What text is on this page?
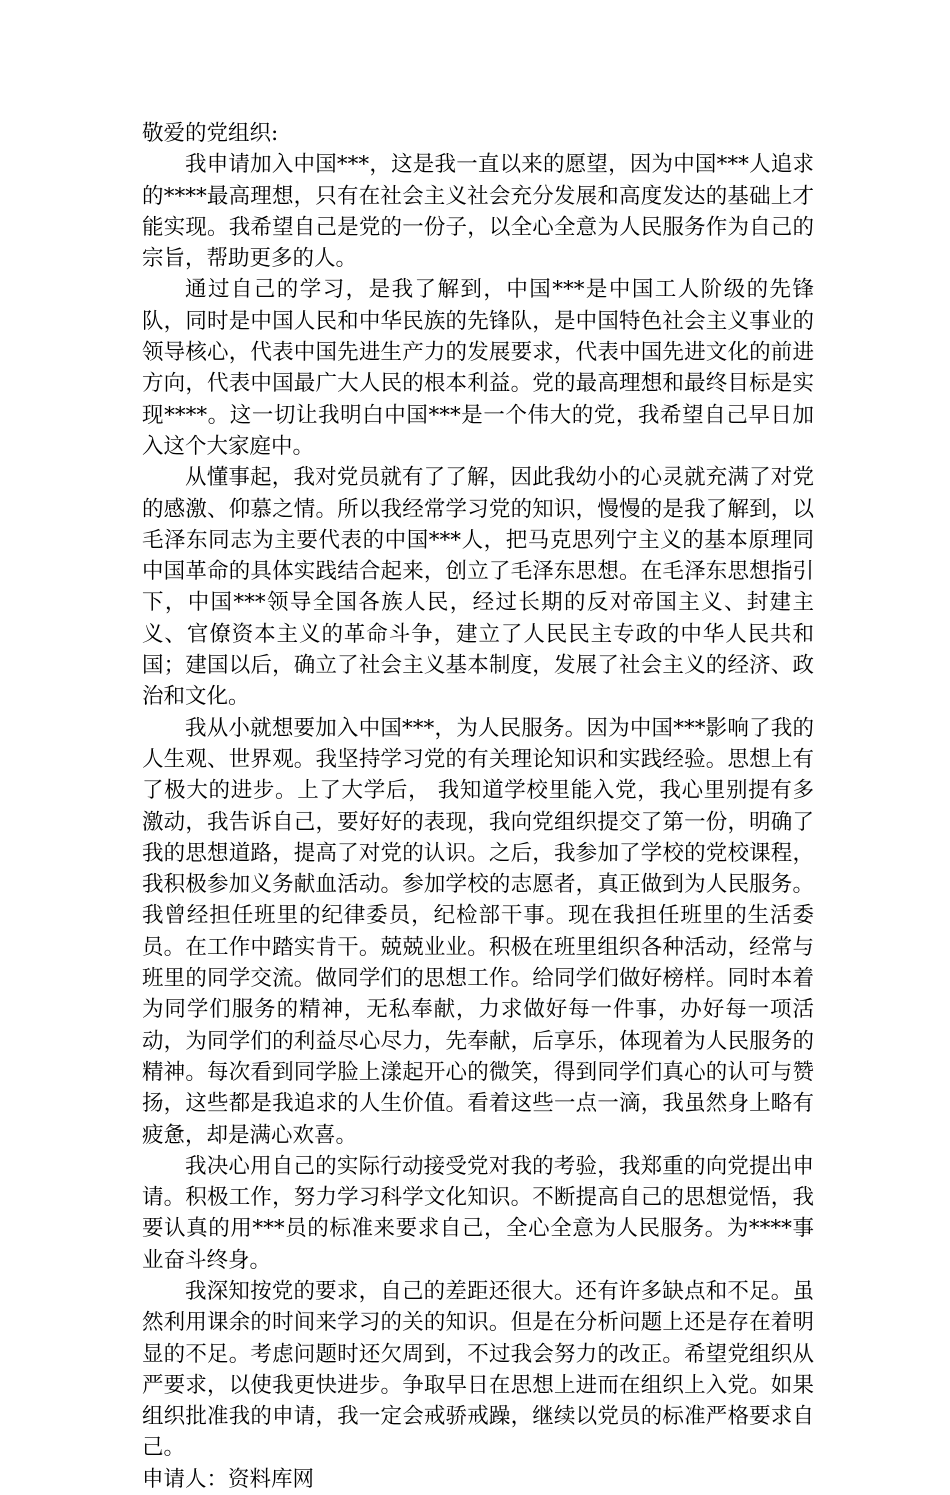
敬爱的党组织:

我申请加入中国***，这是我一直以来的愿望，因为中国***人追求的****最高理想，只有在社会主义社会充分发展和高度发达的基础上才能实现。我希望自己是党的一份子，以全心全意为人民服务作为自己的宗旨，帮助更多的人。

通过自己的学习，是我了解到，中国***是中国工人阶级的先锋队，同时是中国人民和中华民族的先锋队，是中国特色社会主义事业的领导核心，代表中国先进生产力的发展要求，代表中国先进文化的前进方向，代表中国最广大人民的根本利益。党的最高理想和最终目标是实现****。这一切让我明白中国***是一个伟大的党，我希望自己早日加入这个大家庭中。

从懂事起，我对党员就有了了解，因此我幼小的心灵就充满了对党的感激、仰慕之情。所以我经常学习党的知识，慢慢的是我了解到，以毛泽东同志为主要代表的中国***人，把马克思列宁主义的基本原理同中国革命的具体实践结合起来，创立了毛泽东思想。在毛泽东思想指引下，中国***领导全国各族人民，经过长期的反对帝国主义、封建主义、官僚资本主义的革命斗争，建立了人民民主专政的中华人民共和国；建国以后，确立了社会主义基本制度，发展了社会主义的经济、政治和文化。

我从小就想要加入中国***，为人民服务。因为中国***影响了我的人生观、世界观。我坚持学习党的有关理论知识和实践经验。思想上有了极大的进步。上了大学后， 我知道学校里能入党，我心里别提有多激动，我告诉自己，要好好的表现，我向党组织提交了第一份，明确了我的思想道路，提高了对党的认识。之后，我参加了学校的党校课程，我积极参加义务献血活动。参加学校的志愿者，真正做到为人民服务。我曾经担任班里的纪律委员，纪检部干事。现在我担任班里的生活委员。在工作中踏实肯干。兢兢业业。积极在班里组织各种活动，经常与班里的同学交流。做同学们的思想工作。给同学们做好榜样。同时本着为同学们服务的精神，无私奉献，力求做好每一件事，办好每一项活动，为同学们的利益尽心尽力，先奉献，后享乐，体现着为人民服务的精神。每次看到同学脸上漾起开心的微笑，得到同学们真心的认可与赞扬，这些都是我追求的人生价值。看着这些一点一滴，我虽然身上略有疲惫，却是满心欢喜。

我决心用自己的实际行动接受党对我的考验，我郑重的向党提出申请。积极工作，努力学习科学文化知识。不断提高自己的思想觉悟，我要认真的用***员的标准来要求自己，全心全意为人民服务。为****事业奋斗终身。

我深知按党的要求，自己的差距还很大。还有许多缺点和不足。虽然利用课余的时间来学习的关的知识。但是在分析问题上还是存在着明显的不足。考虑问题时还欠周到，不过我会努力的改正。希望党组织从严要求，以使我更快进步。争取早日在思想上进而在组织上入党。如果组织批准我的申请，我一定会戒骄戒躁，继续以党员的标准严格要求自己。

申请人：资料库网
